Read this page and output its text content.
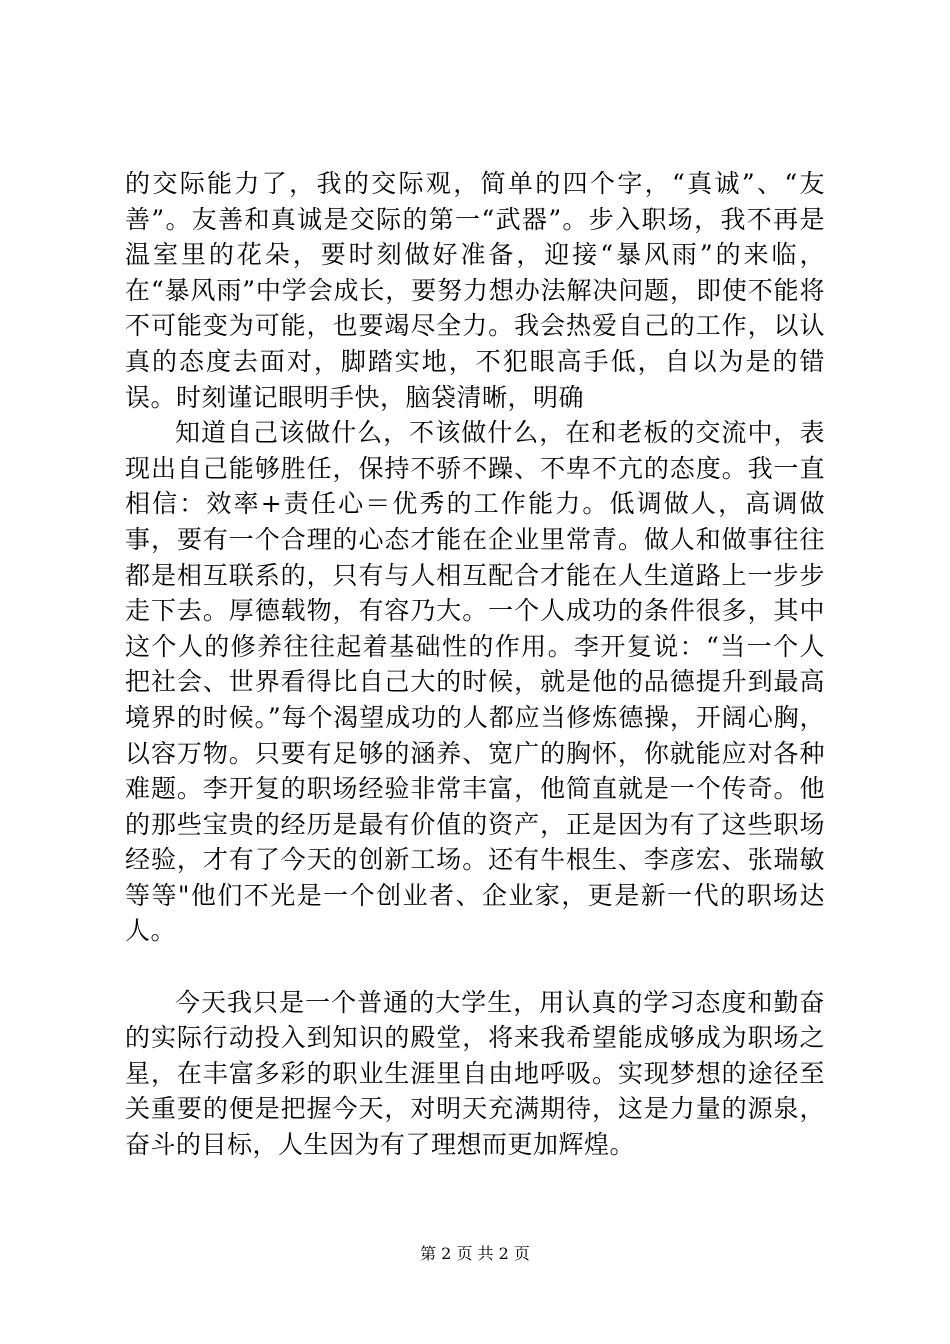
的交际能力了，我的交际观，简单的四个字，“真诚”、“友善”。友善和真诚是交际的第一“武器”。步入职场，我不再是温室里的花朵，要时刻做好准备，迎接“暴风雨”的来临，在“暴风雨”中学会成长，要努力想办法解决问题，即使不能将不可能变为可能，也要竭尽全力。我会热爱自己的工作，以认真的态度去面对，脚踏实地，不犯眼高手低，自以为是的错误。时刻谨记眼明手快，脑袋清晰，明确

知道自己该做什么，不该做什么，在和老板的交流中，表现出自己能够胜任，保持不骄不躁、不卑不亢的态度。我一直相信：效率+责任心＝优秀的工作能力。低调做人，高调做事，要有一个合理的心态才能在企业里常青。做人和做事往往都是相互联系的，只有与人相互配合才能在人生道路上一步步走下去。厚德载物，有容乃大。一个人成功的条件很多，其中这个人的修养往往起着基础性的作用。李开复说：“当一个人把社会、世界看得比自己大的时候，就是他的品德提升到最高境界的时候。”每个渴望成功的人都应当修炼德操，开阔心胸，以容万物。只要有足够的涵养、宽广的胸怀，你就能应对各种难题。李开复的职场经验非常丰富，他简直就是一个传奇。他的那些宝贵的经历是最有价值的资产，正是因为有了这些职场经验，才有了今天的创新工场。还有牛根生、李彦宏、张瑞敏等等"他们不光是一个创业者、企业家，更是新一代的职场达人。

今天我只是一个普通的大学生，用认真的学习态度和勤奋的实际行动投入到知识的殿堂，将来我希望能成够成为职场之星，在丰富多彩的职业生涯里自由地呼吸。实现梦想的途径至关重要的便是把握今天，对明天充满期待，这是力量的源泉，奋斗的目标，人生因为有了理想而更加辉煌。

第 2 页 共 2 页
